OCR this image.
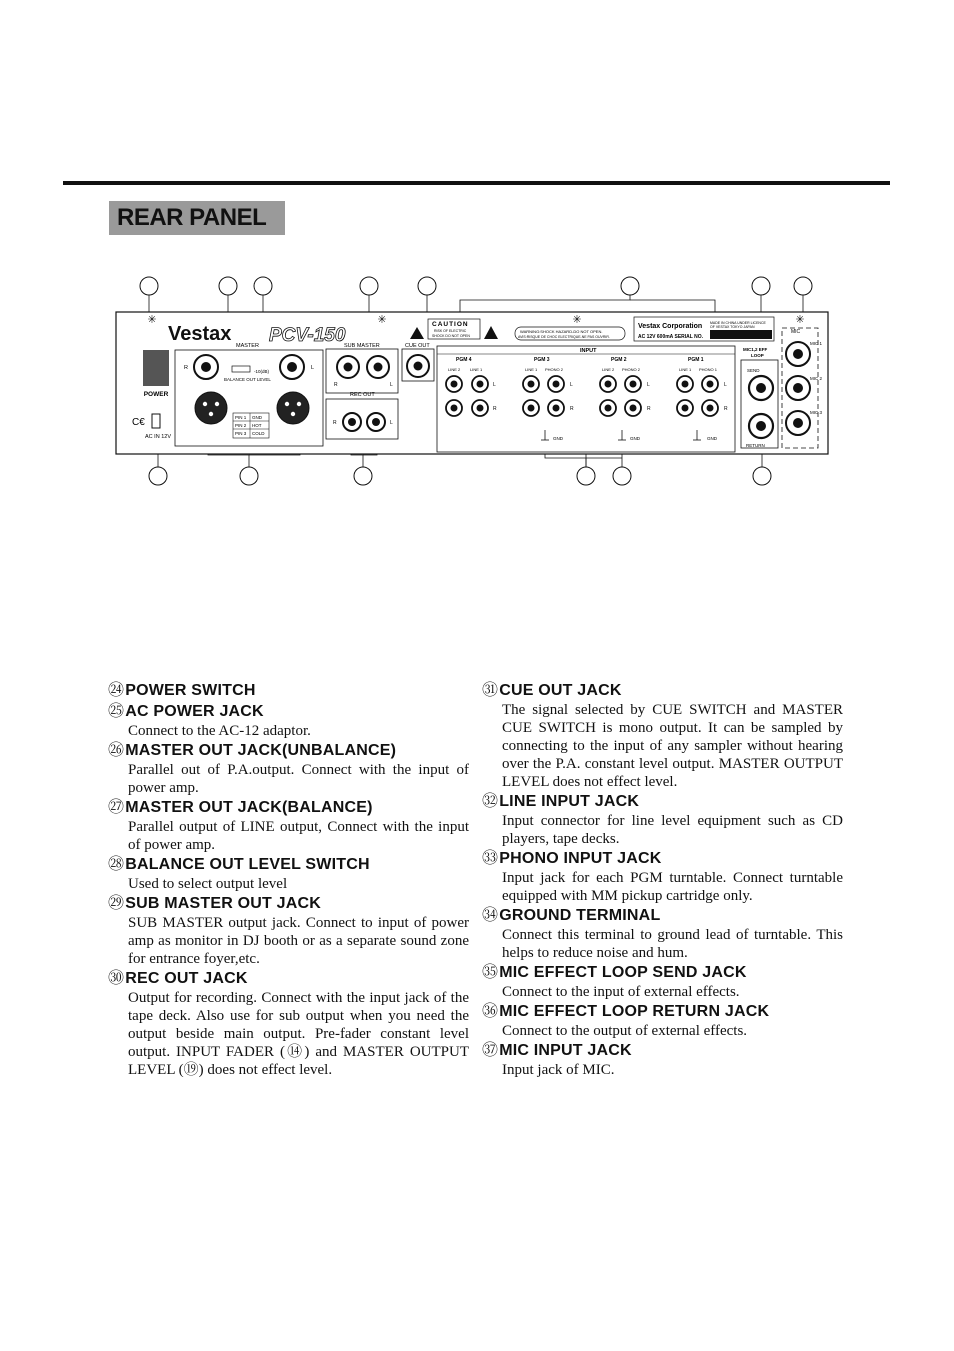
REAR PANEL
✳	✳	✳	✳
Vestax PCV-150
POWER
C€
AC IN 12V
MASTER
R	L
-10(dB)
BALANCE OUT LEVEL
PIN 1 GND
PIN 2 HOT
PIN 3 COLD
SUB MASTER
R	L
REC OUT
R	L
CUE OUT
CAUTION
RISK OF ELECTRIC
SHOCK DO NOT OPEN
WARNING:SHOCK HAZARD-DO NOT OPEN.
AVIS:RISQUE DE CHOC ELECTRIQUE-NE PAS OUVRIR.
Vestax Corporation MADE IN CHINA UNDER LICENCE
OF VESTAX TOKYO JAPAN
AC 12V 600mA SERIAL NO.
INPUT
PGM 4	PGM 3	PGM 2	PGM 1
LINE 2 LINE 1	LINE 1 PHONO 2	LINE 2 PHONO 2	LINE 1 PHONO 1
L
R
L
R
L
R
L
R
GND	GND	GND
MIC1,2 EFF
LOOP
SEND
RETURN
MIC
MIC 1
MIC 2
MIC 3
㉔POWER SWITCH
㉕AC POWER JACK

Connect to the AC-12 adaptor.

㉖MASTER OUT JACK(UNBALANCE)

Parallel out of P.A.output. Connect with the input of power amp.

㉗MASTER OUT JACK(BALANCE)

Parallel output of LINE output, Connect with the input of power amp.

㉘BALANCE OUT LEVEL SWITCH

Used to select output level

㉙SUB MASTER OUT JACK

SUB MASTER output jack. Connect to input of power amp as monitor in DJ booth or as a separate sound zone for entrance foyer,etc.

㉚REC OUT JACK

Output for recording. Connect with the input jack of the tape deck. Also use for sub output when you need the output beside main output. Pre-fader constant level output. INPUT FADER (⑭) and MASTER OUTPUT LEVEL (⑲) does not effect level.

㉛CUE OUT JACK

The signal selected by CUE SWITCH and MASTER CUE SWITCH is mono output. It can be sampled by connecting to the input of any sampler without hearing over the P.A. constant level output. MASTER OUTPUT LEVEL does not effect level.

㉜LINE INPUT JACK

Input connector for line level equipment such as CD players, tape decks.

㉝PHONO INPUT JACK

Input jack for each PGM turntable. Connect turntable equipped with MM pickup cartridge only.

㉞GROUND TERMINAL

Connect this terminal to ground lead of turntable. This helps to reduce noise and hum.

㉟MIC EFFECT LOOP SEND JACK

Connect to the input of external effects.

㊱MIC EFFECT LOOP RETURN JACK

Connect to the output of external effects.

㊲MIC INPUT JACK

Input jack of MIC.
